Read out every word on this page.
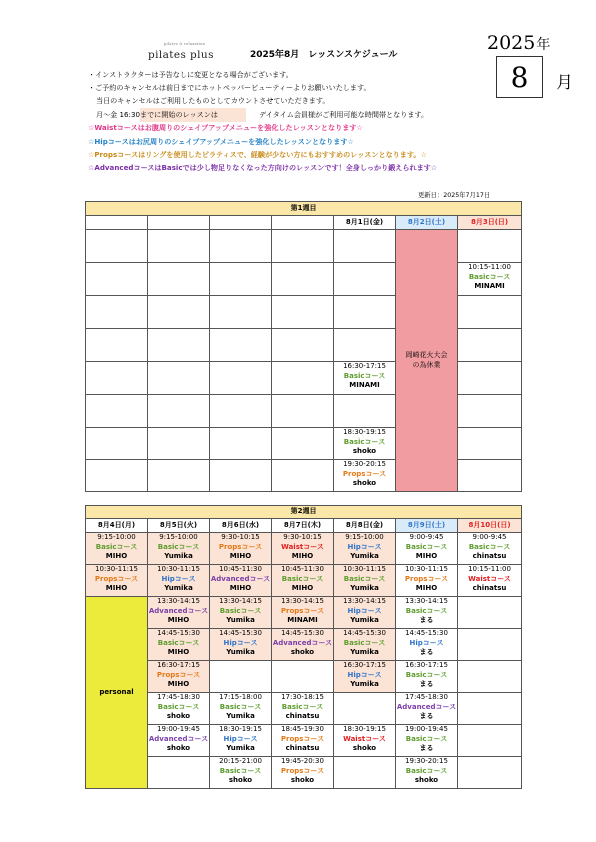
pilates & relaxation
pilates plus	2025年8月　レッスンスケジュール
2025年
8	月
・インストラクターは予告なしに変更となる場合がございます。
・ご予約のキャンセルは前日までにホットペッパービューティーよりお願いいたします。
当日のキャンセルはご利用したものとしてカウントさせていただきます。
月～金 16:30までに開始のレッスンは	デイタイム会員様がご利用可能な時間帯となります。
☆Waistコースはお腹周りのシェイプアップメニューを強化したレッスンとなります☆
☆Hipコースはお尻周りのシェイプアップメニューを強化したレッスンとなります☆
☆Propsコースはリングを使用したピラティスで、経験が少ない方にもおすすめのレッスンとなります。☆
☆AdvancedコースはBasicでは少し物足りなくなった方向けのレッスンです！全身しっかり鍛えられます☆
更新日：2025年7月17日
第1週目						
				8月1日(金)	8月2日(土)	8月3日(日)

					岡崎花火大会
の為休業	

						10:15-11:00
Basicコース
MINAMI

				16:30-17:15
Basicコース
MINAMI		

				18:30-19:15
Basicコース
shoko		

				19:30-20:15
Propsコース
shoko		

第2週目							
8月4日(月)	8月5日(火)	8月6日(水)	8月7日(木)	8月8日(金)	8月9日(土)	8月10日(日)	

9:15-10:00
Basicコース
MIHO	9:15-10:00
Basicコース
Yumika	9:30-10:15
Propsコース
MIHO	9:30-10:15
Waistコース
MIHO	9:15-10:00
Hipコース
Yumika	9:00-9:45
Basicコース
MIHO	9:00-9:45
Basicコース
chinatsu	

10:30-11:15
Propsコース
MIHO	10:30-11:15
Hipコース
Yumika	10:45-11:30
Advancedコース
MIHO	10:45-11:30
Basicコース
MIHO	10:30-11:15
Basicコース
Yumika	10:30-11:15
Propsコース
MIHO	10:15-11:00
Waistコース
chinatsu	

personal	13:30-14:15
Advancedコース
MIHO	13:30-14:15
Basicコース
Yumika	13:30-14:15
Propsコース
MINAMI	13:30-14:15
Hipコース
Yumika	13:30-14:15
Basicコース
まる		

	14:45-15:30
Basicコース
MIHO	14:45-15:30
Hipコース
Yumika	14:45-15:30
Advancedコース
shoko	14:45-15:30
Basicコース
Yumika	14:45-15:30
Hipコース
まる		

	16:30-17:15
Propsコース
MIHO			16:30-17:15
Hipコース
Yumika	16:30-17:15
Basicコース
まる		

	17:45-18:30
Basicコース
shoko	17:15-18:00
Basicコース
Yumika	17:30-18:15
Basicコース
chinatsu		17:45-18:30
Advancedコース
まる		

	19:00-19:45
Advancedコース
shoko	18:30-19:15
Hipコース
Yumika	18:45-19:30
Propsコース
chinatsu	18:30-19:15
Waistコース
shoko	19:00-19:45
Basicコース
まる		

		20:15-21:00
Basicコース
shoko	19:45-20:30
Propsコース
shoko		19:30-20:15
Basicコース
shoko		
